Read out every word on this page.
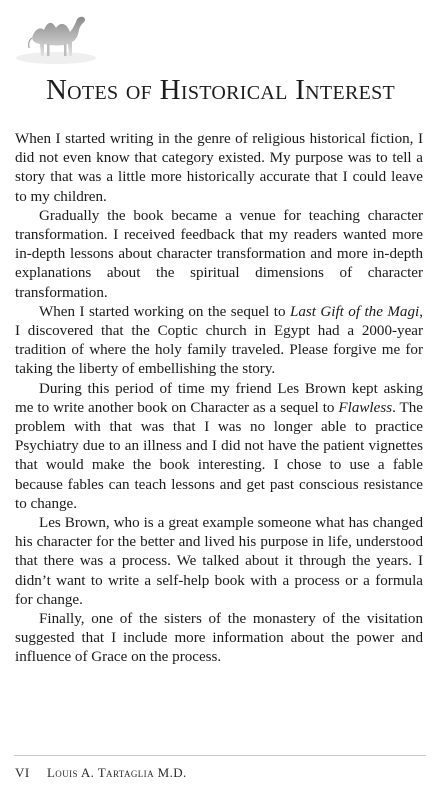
Notes of Historical Interest

When I started writing in the genre of religious historical fiction, I did not even know that category existed. My purpose was to tell a story that was a little more historically accurate that I could leave to my children.

Gradually the book became a venue for teaching character transformation. I received feedback that my readers wanted more in-depth lessons about character transformation and more in-depth explanations about the spiritual dimensions of character transformation.

When I started working on the sequel to Last Gift of the Magi, I discovered that the Coptic church in Egypt had a 2000-year tradition of where the holy family traveled. Please forgive me for taking the liberty of embellishing the story.

During this period of time my friend Les Brown kept asking me to write another book on Character as a sequel to Flawless. The problem with that was that I was no longer able to practice Psychiatry due to an illness and I did not have the patient vignettes that would make the book interesting. I chose to use a fable because fables can teach lessons and get past conscious resistance to change.

Les Brown, who is a great example someone what has changed his character for the better and lived his purpose in life, understood that there was a process. We talked about it through the years. I didn’t want to write a self-help book with a process or a formula for change.

Finally, one of the sisters of the monastery of the visitation suggested that I include more information about the power and influence of Grace on the process.

VI Louis A. Tartaglia M.D.
